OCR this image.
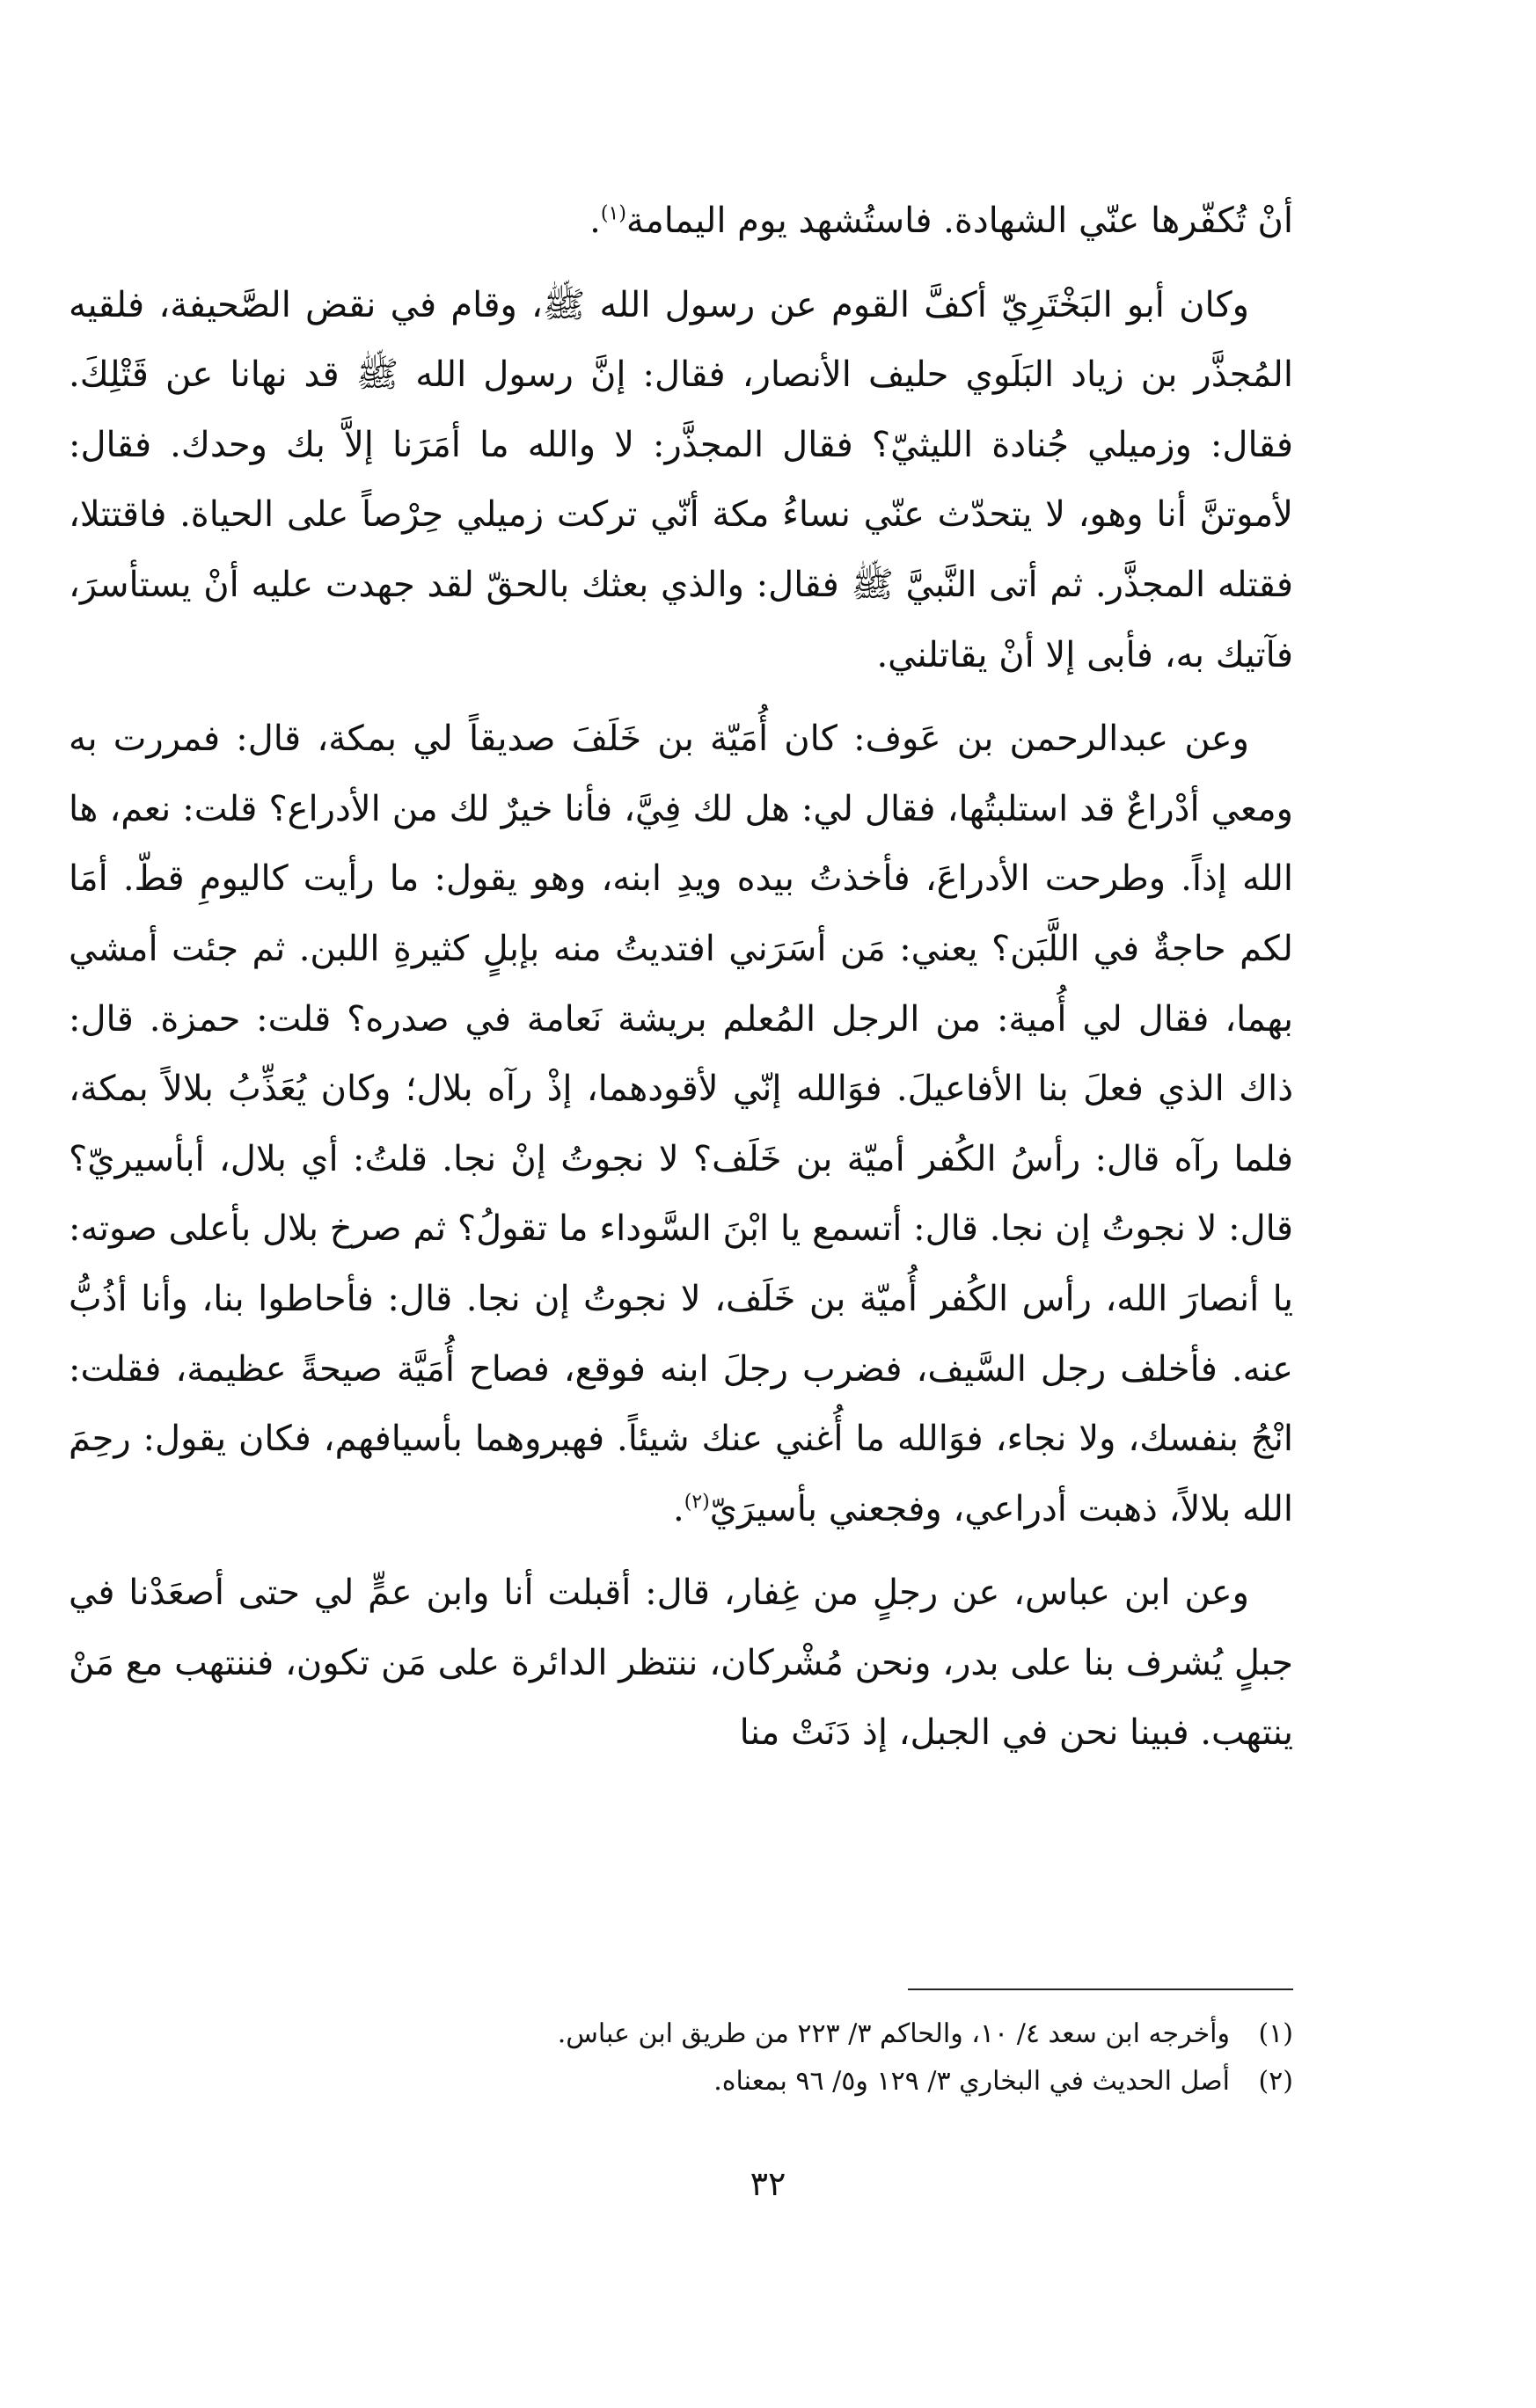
أنْ تُكفّرها عنّي الشهادة. فاستُشهد يوم اليمامة$^{(١)}$.

وكان أبو البَخْتَرِيّ أكفَّ القوم عن رسول الله ﷺ، وقام في نقض الصَّحيفة، فلقيه المُجذَّر بن زياد البَلَوي حليف الأنصار، فقال: إنَّ رسول الله ﷺ قد نهانا عن قَتْلِكَ. فقال: وزميلي جُنادة الليثيّ؟ فقال المجذَّر: لا والله ما أمَرَنا إلاَّ بك وحدك. فقال: لأموتنَّ أنا وهو، لا يتحدّث عنّي نساءُ مكة أنّي تركت زميلي حِرْصاً على الحياة. فاقتتلا، فقتله المجذَّر. ثم أتى النَّبيَّ ﷺ فقال: والذي بعثك بالحقّ لقد جهدت عليه أنْ يستأسرَ، فآتيك به، فأبى إلا أنْ يقاتلني.

وعن عبدالرحمن بن عَوف: كان أُمَيّة بن خَلَفَ صديقاً لي بمكة، قال: فمررت به ومعي أدْراعٌ قد استلبتُها، فقال لي: هل لك فِيَّ، فأنا خيرٌ لك من الأدراع؟ قلت: نعم، ها الله إذاً. وطرحت الأدراعَ، فأخذتُ بيده ويدِ ابنه، وهو يقول: ما رأيت كاليومِ قطّ. أمَا لكم حاجةٌ في اللَّبَن؟ يعني: مَن أسَرَني افتديتُ منه بإبلٍ كثيرةِ اللبن. ثم جئت أمشي بهما، فقال لي أُمية: من الرجل المُعلم بريشة نَعامة في صدره؟ قلت: حمزة. قال: ذاك الذي فعلَ بنا الأفاعيلَ. فوَالله إنّي لأقودهما، إذْ رآه بلال؛ وكان يُعَذِّبُ بلالاً بمكة، فلما رآه قال: رأسُ الكُفر أميّة بن خَلَف؟ لا نجوتُ إنْ نجا. قلتُ: أي بلال، أبأسيريّ؟ قال: لا نجوتُ إن نجا. قال: أتسمع يا ابْنَ السَّوداء ما تقولُ؟ ثم صرخ بلال بأعلى صوته: يا أنصارَ الله، رأس الكُفر أُميّة بن خَلَف، لا نجوتُ إن نجا. قال: فأحاطوا بنا، وأنا أذُبُّ عنه. فأخلف رجل السَّيف، فضرب رجلَ ابنه فوقع، فصاح أُمَيَّة صيحةً عظيمة، فقلت: انْجُ بنفسك، ولا نجاء، فوَالله ما أُغني عنك شيئاً. فهبروهما بأسيافهم، فكان يقول: رحِمَ الله بلالاً، ذهبت أدراعي، وفجعني بأسيرَيّ$^{(٢)}$.

وعن ابن عباس، عن رجلٍ من غِفار، قال: أقبلت أنا وابن عمٍّ لي حتى أصعَدْنا في جبلٍ يُشرف بنا على بدر، ونحن مُشْركان، ننتظر الدائرة على مَن تكون، فننتهب مع مَنْ ينتهب. فبينا نحن في الجبل، إذ دَنَتْ منا

(١)
وأخرجه ابن سعد ٤/ ١٠، والحاكم ٣/ ٢٢٣ من طريق ابن عباس.
(٢)
أصل الحديث في البخاري ٣/ ١٢٩ و٥/ ٩٦ بمعناه.
٣٢
